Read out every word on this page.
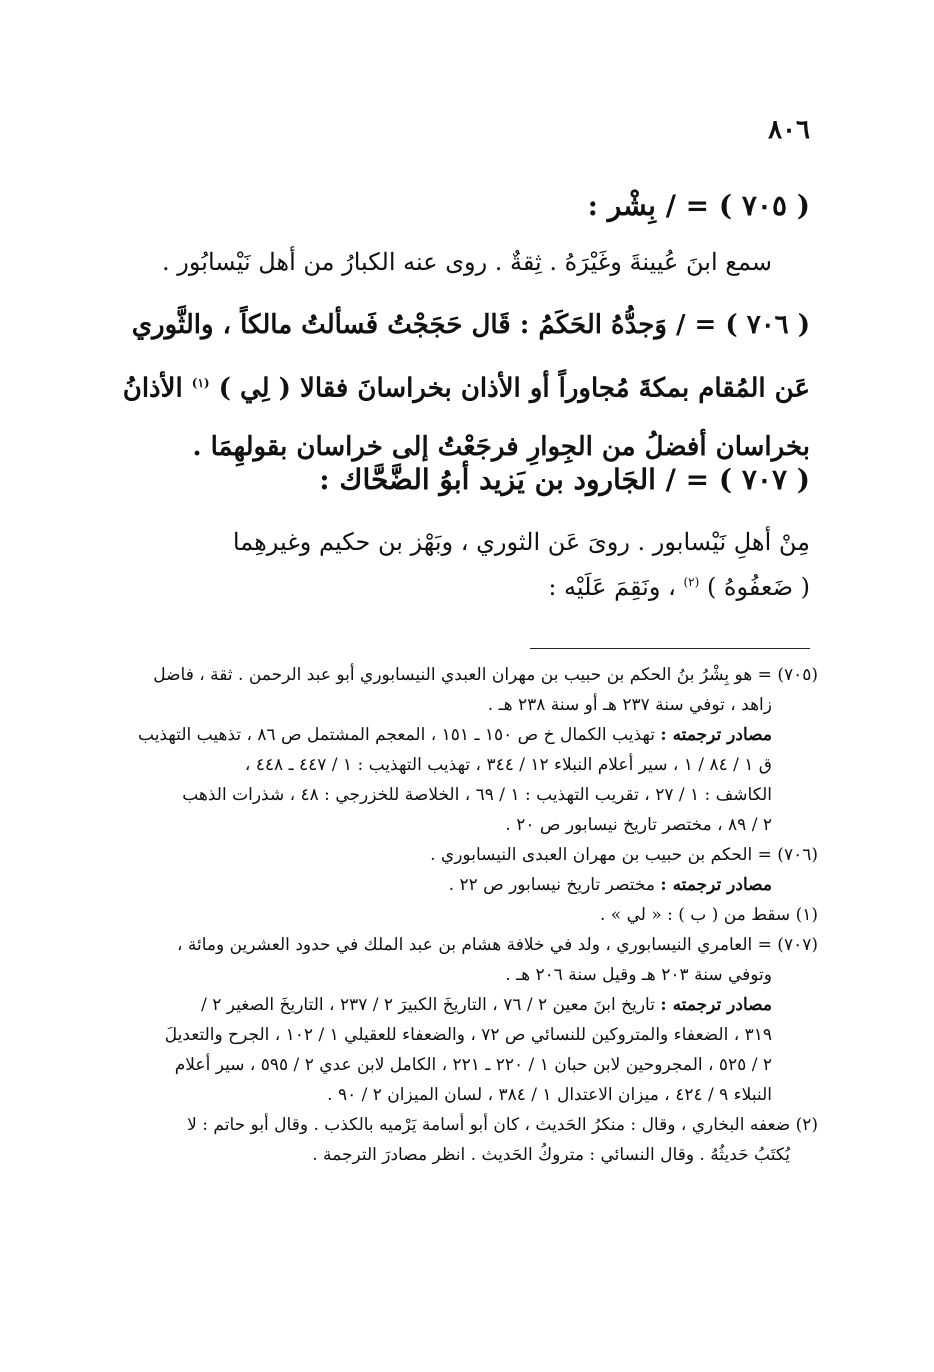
٨٠٦

( ٧٠٥ ) = / بِشْر :

سمع ابنَ عُيينةَ وغَيْرَهُ . ثِقةٌ . روى عنه الكبارُ من أهل نَيْسابُور .

( ٧٠٦ ) = / وَجدُّهُ الحَكَمُ : قَال حَجَجْتُ فَسألتُ مالكاً ، والثَّوري

عَن المُقام بمكةَ مُجاوراً أو الأذان بخراسانَ فقالا ( لِي ) $^{(١)}$ الأذانُ

بخراسان أفضلُ من الجِوارِ فرجَعْتُ إلى خراسان بقولهِمَا .

( ٧٠٧ ) = / الجَارود بن يَزيد أبوُ الضَّحَّاك :

مِنْ أهلِ نَيْسابور . روىَ عَن الثوري ، وبَهْز بن حكيم وغيرهِما

( ضَعفُوهُ ) $^{(٢)}$ ، ونَقِمَ عَلَيْه :

(٧٠٥) = هو بِشْرُ بنُ الحكم بن حبيب بن مهران العبدي النيسابوري أبو عبد الرحمن . ثقة ، فاضل

زاهد ، توفي سنة ٢٣٧ هـ أو سنة ٢٣٨ هـ .

مصادر ترجمته : تهذيب الكمال خ ص ١٥٠ ـ ١٥١ ، المعجم المشتمل ص ٨٦ ، تذهيب التهذيب

ق ١ / ٨٤ / ١ ، سير أعلام النبلاء ١٢ / ٣٤٤ ، تهذيب التهذيب : ١ / ٤٤٧ ـ ٤٤٨ ،

الكاشف : ١ / ٢٧ ، تقريب التهذيب : ١ / ٦٩ ، الخلاصة للخزرجي : ٤٨ ، شذرات الذهب

٢ / ٨٩ ، مختصر تاريخ نيسابور ص ٢٠ .

(٧٠٦) = الحكم بن حبيب بن مهران العبدى النيسابوري .

مصادر ترجمته : مختصر تاريخ نيسابور ص ٢٢ .

(١) سقط من ( ب ) : « لي » .

(٧٠٧) = العامري النيسابوري ، ولد في خلافة هشام بن عبد الملك في حدود العشرين ومائة ،

وتوفي سنة ٢٠٣ هـ وقيل سنة ٢٠٦ هـ .

مصادر ترجمته : تاريخ ابنَ معين ٢ / ٧٦ ، التاريخَ الكبيرَ ٢ / ٢٣٧ ، التاريخَ الصغير ٢ /

٣١٩ ، الضعفاء والمتروكين للنسائي ص ٧٢ ، والضعفاء للعقيلي ١ / ١٠٢ ، الجرح والتعديلَ

٢ / ٥٢٥ ، المجروحين لابن حبان ١ / ٢٢٠ ـ ٢٢١ ، الكامل لابن عدي ٢ / ٥٩٥ ، سير أعلام

النبلاء ٩ / ٤٢٤ ، ميزان الاعتدال ١ / ٣٨٤ ، لسان الميزان ٢ / ٩٠ .

(٢) ضعفه البخاري ، وقال : منكرُ الحَديث ، كان أبو أسامة يَرْميه بالكذب . وقال أبو حاتم : لا

يُكتَبُ حَديثُهُ . وقال النسائي : متروكُ الحَديث . انظر مصادرَ الترجمة .
